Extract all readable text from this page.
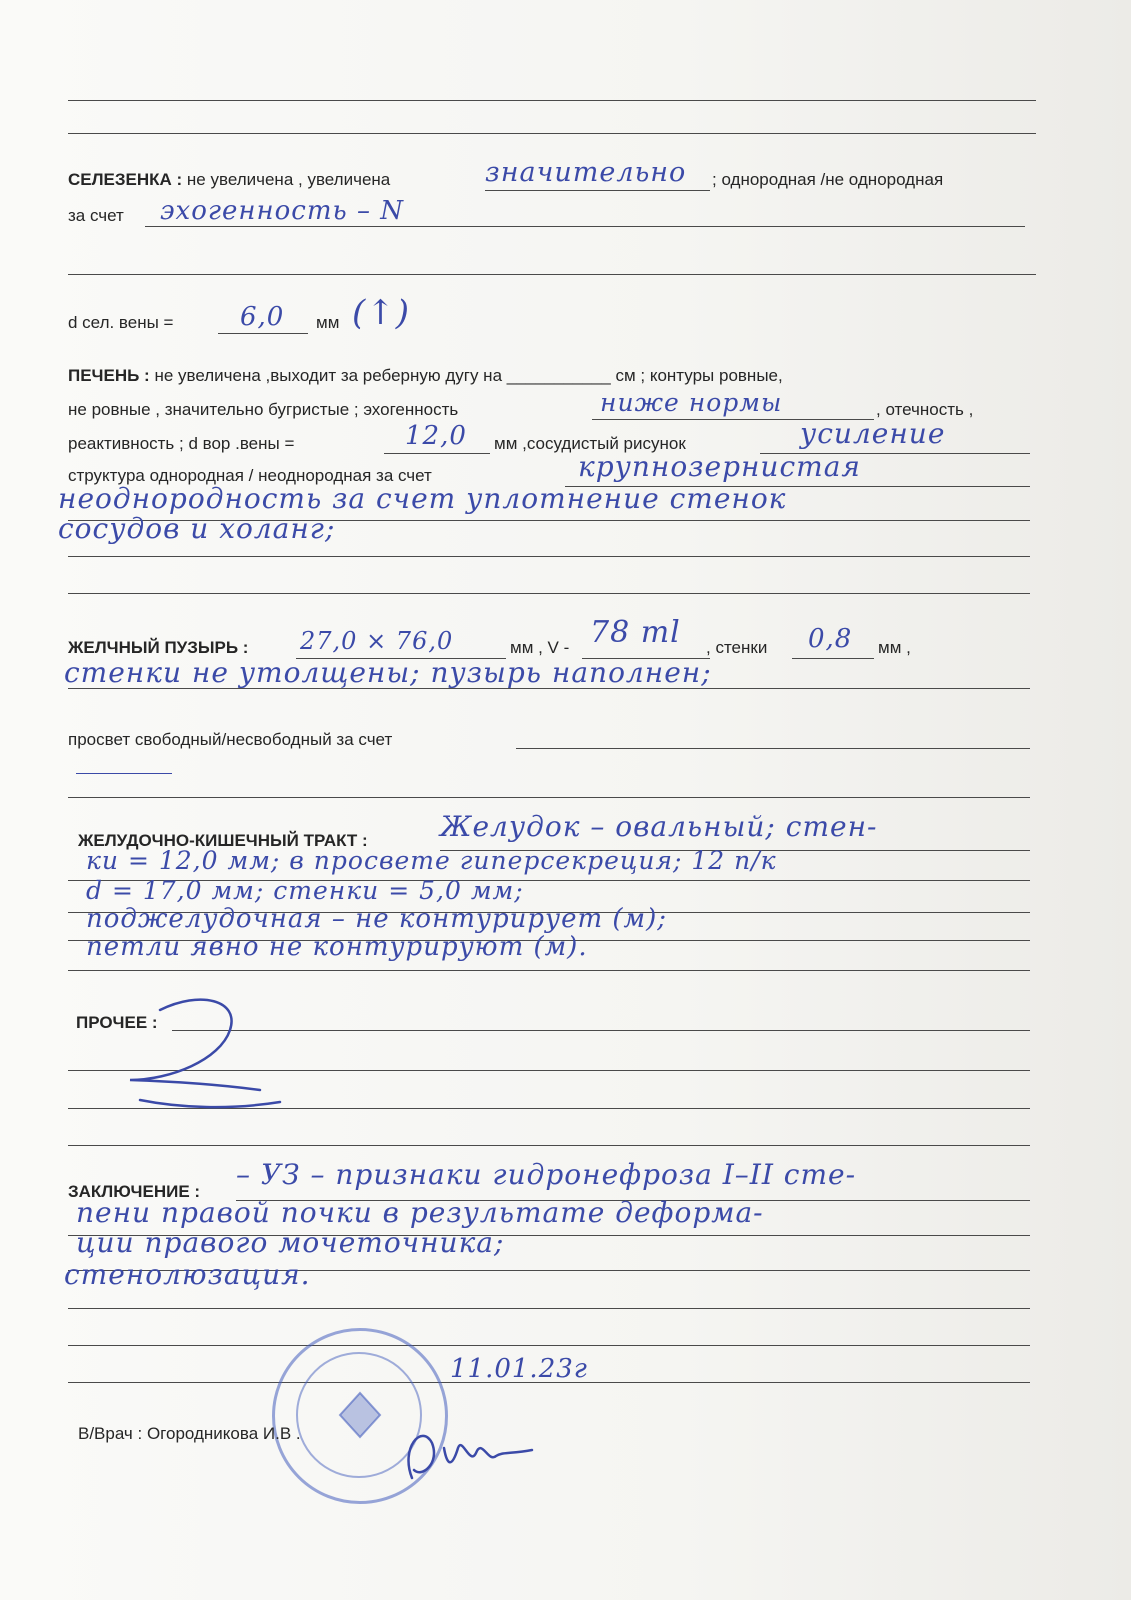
СЕЛЕЗЕНКА : не увеличена , увеличена	значительно ; однородная /не однородная
за счет эхогенность – N
d сел. вены =	6,0 мм (↑)
ПЕЧЕНЬ : не увеличена ,выходит за реберную дугу на ___________ см ; контуры ровные,
не ровные , значительно бугристые ; эхогенность	ниже нормы	, отечность ,
реактивность ; d вор .вены =	12,0 мм ,сосудистый рисунок	усиление
структура однородная / неоднородная за счет	крупнозернистая
неоднородность за счет уплотнение стенок
сосудов и холанг;
ЖЕЛЧНЫЙ ПУЗЫРЬ : 27,0 × 76,0	мм , V - 78 ml , стенки 0,8 мм ,
стенки не утолщены; пузырь наполнен;
просвет свободный/несвободный за счет
ЖЕЛУДОЧНО-КИШЕЧНЫЙ ТРАКТ :	Желудок – овальный; стен-
ки = 12,0 мм; в просвете гиперсекреция; 12 п/к
d = 17,0 мм; стенки = 5,0 мм;
поджелудочная – не контурирует (м);
петли явно не контурируют (м).
ПРОЧЕЕ :
ЗАКЛЮЧЕНИЕ :
– УЗ – признаки гидронефроза I–II сте-
пени правой почки в результате деформа-
ции правого мочеточника;
стенолюзация.
11.01.23г
В/Врач : Огородникова И.В .
